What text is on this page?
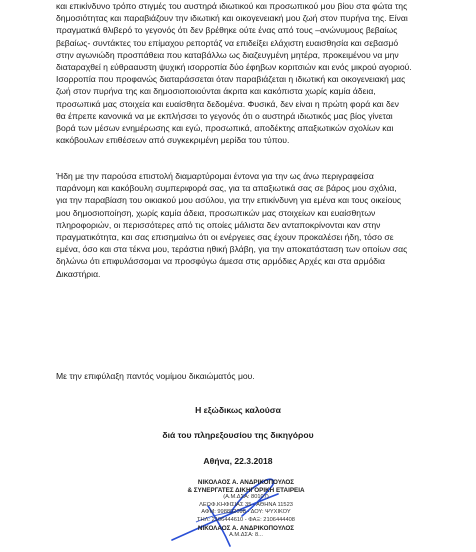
και επικίνδυνο τρόπο στιγμές του αυστηρά ιδιωτικού και προσωπικού μου βίου στα φώτα της
δημοσιότητας και παραβιάζουν την ιδιωτική και οικογενειακή μου ζωή στον πυρήνα της. Είναι
πραγματικά θλιβερό το γεγονός ότι δεν βρέθηκε ούτε ένας από τους –ανώνυμους βεβαίως
βεβαίως- συντάκτες του επίμαχου ρεπορτάζ να επιδείξει ελάχιστη ευαισθησία και σεβασμό
στην αγωνιώδη προσπάθεια που καταβάλλω ως διαζευγμένη μητέρα, προκειμένου να μην
διαταραχθεί η εύθρααυστη ψυχική ισορροπία δύο έφηβων κοριτσιών και ενός μικρού αγοριού.
Ισορροπία που προφανώς διαταράσσεται όταν παραβιάζεται η ιδιωτική και οικογενειακή μας
ζωή στον πυρήνα της και δημοσιοποιούνται άκριτα και κακόπιστα χωρίς καμία άδεια,
προσωπικά μας στοιχεία και ευαίσθητα δεδομένα. Φυσικά, δεν είναι η πρώτη φορά και δεν
θα έπρεπε κανονικά να με εκπλήσσει το γεγονός ότι ο αυστηρά ιδιωτικός μας βίος γίνεται
βορά των μέσων ενημέρωσης και εγώ, προσωπικά, αποδέκτης απαξιωτικών σχολίων και
κακόβουλων επιθέσεων από συγκεκριμένη μερίδα του τύπου.
Ήδη με την παρούσα επιστολή διαμαρτύρομαι έντονα για την ως άνω περιγραφείσα
παράνομη και κακόβουλη συμπεριφορά σας, για τα απαξιωτικά σας σε βάρος μου σχόλια,
για την παραβίαση του οικιακού μου ασύλου, για την επικίνδυνη για εμένα και τους οικείους
μου δημοσιοποίηση, χωρίς καμία άδεια, προσωπικών μας στοιχείων και ευαίσθητων
πληροφοριών, οι περισσότερες από τις οποίες μάλιστα δεν ανταποκρίνονται καν στην
πραγματικότητα, και σας επισημαίνω ότι οι ενέργειες σας έχουν προκαλέσει ήδη, τόσο σε
εμένα, όσο και στα τέκνα μου, τεράστια ηθική βλάβη, για την αποκατάσταση των οποίων σας
δηλώνω ότι επιφυλάσσομαι να προσφύγω άμεσα στις αρμόδιες Αρχές και στα αρμόδια
Δικαστήρια.

Με την επιφύλαξη παντός νομίμου δικαιώματός μου.

Η εξώδικως καλούσα

διά του πληρεξουσίου της δικηγόρου

Αθήνα, 22.3.2018

ΝΙΚΟΛΑΟΣ Α. ΑΝΔΡΙΚΟΠΟΥΛΟΣ
& ΣΥΝΕΡΓΑΤΕΣ ΔΙΚΗΓΟΡΙΚΗ ΕΤΑΙΡΕΙΑ
(Α.Μ.ΔΣΑ: 80107)
ΛΕΩΦ.ΚΗΦΙΣΙΑΣ 35 - ΑΘΗΝΑ 11523
ΑΦΜ: 998802098 - ΔΟΥ: ΨΥΧΙΚΟΥ
ΤΗΛ: 2106444610 - ΦΑΞ: 2106444408
ΝΙΚΟΛΑΟΣ Α. ΑΝΔΡΙΚΟΠΟΥΛΟΣ
Α.Μ.ΔΣΑ: 8...
